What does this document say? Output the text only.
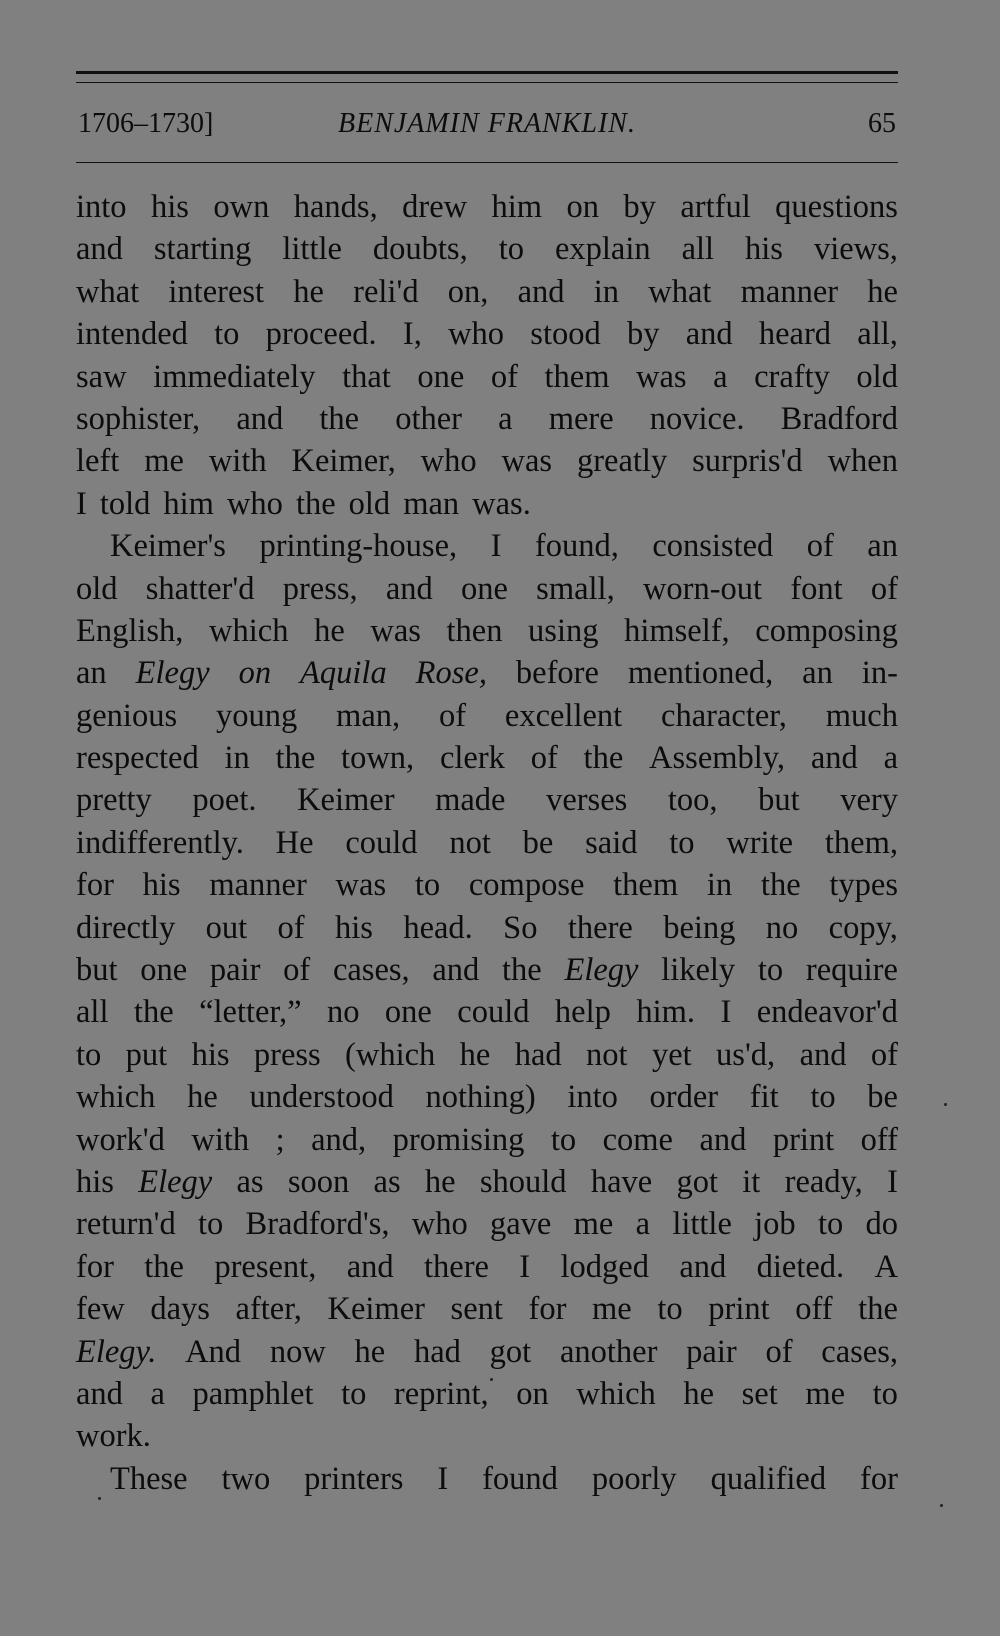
1706–1730]	BENJAMIN FRANKLIN.	65
into his own hands, drew him on by artful questions
and starting little doubts, to explain all his views,
what interest he reli'd on, and in what manner he
intended to proceed. I, who stood by and heard all,
saw immediately that one of them was a crafty old
sophister, and the other a mere novice. Bradford
left me with Keimer, who was greatly surpris'd when
I told him who the old man was.
Keimer's printing-house, I found, consisted of an
old shatter'd press, and one small, worn-out font of
English, which he was then using himself, composing
an Elegy on Aquila Rose, before mentioned, an in-
genious young man, of excellent character, much
respected in the town, clerk of the Assembly, and a
pretty poet. Keimer made verses too, but very
indifferently. He could not be said to write them,
for his manner was to compose them in the types
directly out of his head. So there being no copy,
but one pair of cases, and the Elegy likely to require
all the “letter,” no one could help him. I endeavor'd
to put his press (which he had not yet us'd, and of
which he understood nothing) into order fit to be
work'd with ; and, promising to come and print off
his Elegy as soon as he should have got it ready, I
return'd to Bradford's, who gave me a little job to do
for the present, and there I lodged and dieted. A
few days after, Keimer sent for me to print off the
Elegy. And now he had got another pair of cases,
and a pamphlet to reprint, on which he set me to
work.
These two printers I found poorly qualified for
